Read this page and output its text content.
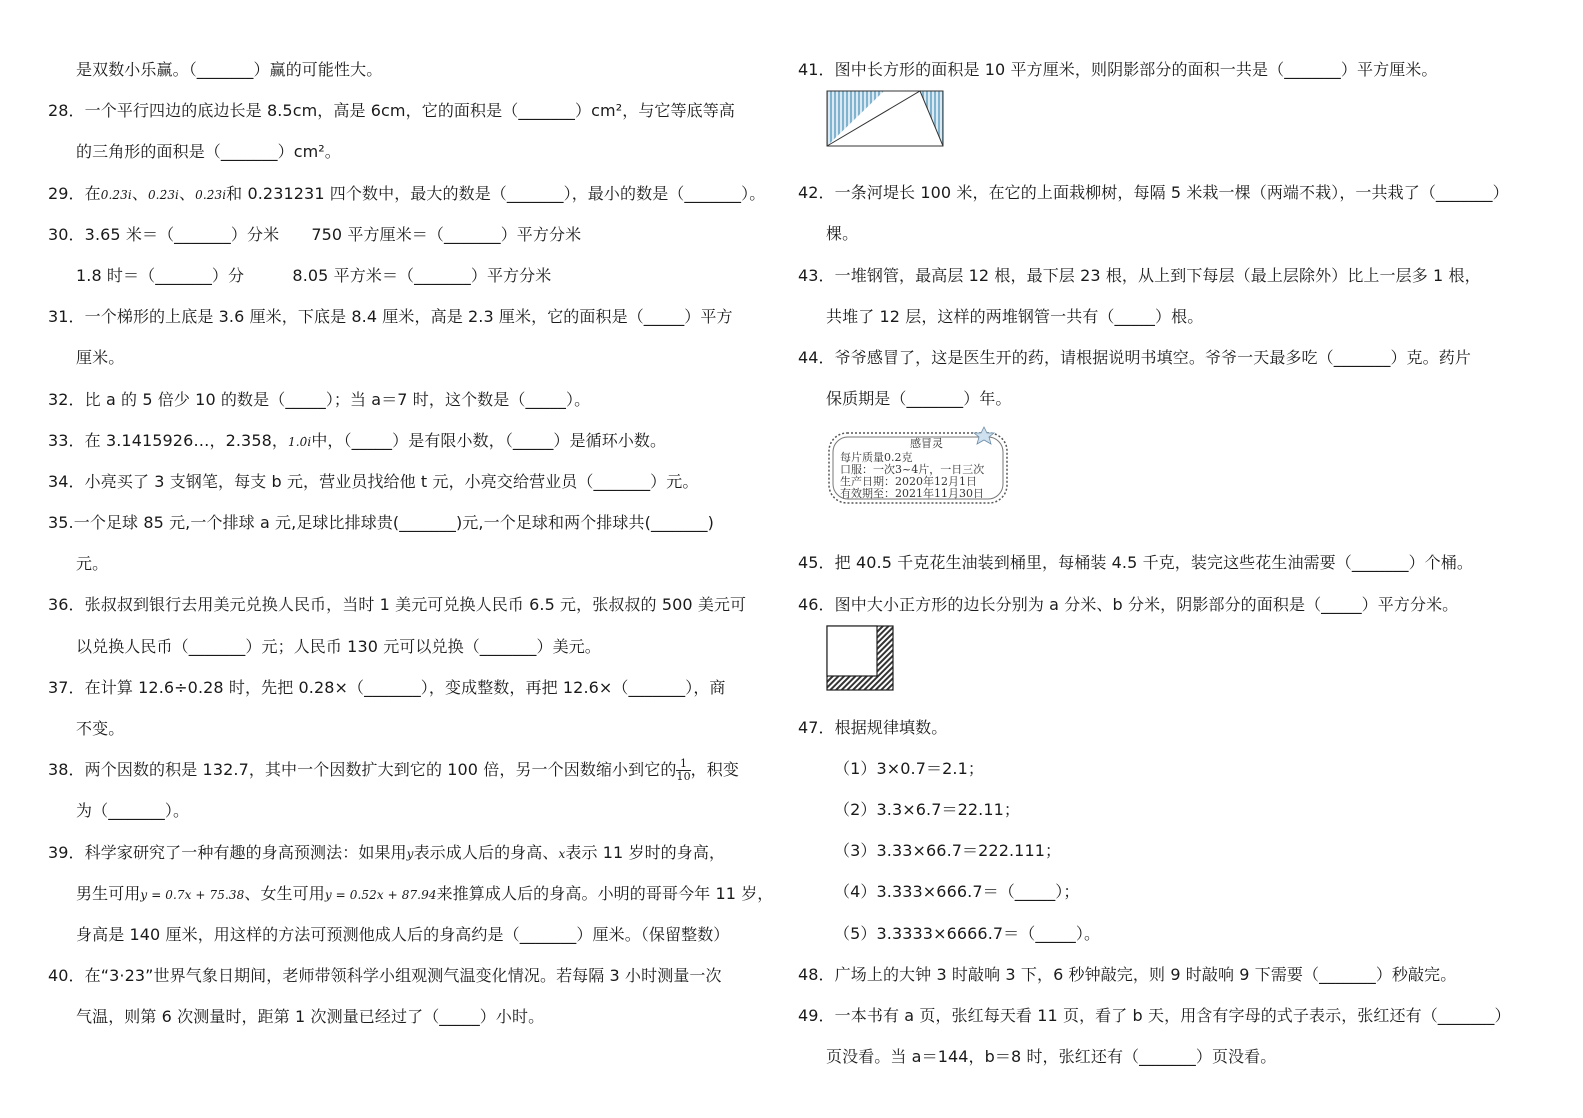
是双数小乐赢。（_______）赢的可能性大。
28．一个平行四边的底边长是 8.5cm，高是 6cm，它的面积是（_______）cm²，与它等底等高
的三角形的面积是（_______）cm²。
29．在0.23i、0.2̇3i、0.2̇3i和 0.231231 四个数中，最大的数是（_______），最小的数是（_______）。
30．3.65 米＝（_______）分米　　750 平方厘米＝（_______）平方分米
1.8 时＝（_______）分　　　8.05 平方米＝（_______）平方分米
31．一个梯形的上底是 3.6 厘米，下底是 8.4 厘米，高是 2.3 厘米，它的面积是（_____）平方
厘米。
32．比 a 的 5 倍少 10 的数是（_____）；当 a＝7 时，这个数是（_____）。
33．在 3.1415926…，2.358，1.0̇i中，（_____）是有限小数，（_____）是循环小数。
34．小亮买了 3 支钢笔，每支 b 元，营业员找给他 t 元，小亮交给营业员（_______）元。
35.一个足球 85 元,一个排球 a 元,足球比排球贵(_______)元,一个足球和两个排球共(_______)
元。
36．张叔叔到银行去用美元兑换人民币，当时 1 美元可兑换人民币 6.5 元，张叔叔的 500 美元可
以兑换人民币（_______）元；人民币 130 元可以兑换（_______）美元。
37．在计算 12.6÷0.28 时，先把 0.28×（_______），变成整数，再把 12.6×（_______），商
不变。
38．两个因数的积是 132.7，其中一个因数扩大到它的 100 倍，另一个因数缩小到它的 $\frac{1}{10}$ ，积变
为（_______）。
39．科学家研究了一种有趣的身高预测法：如果用y表示成人后的身高、x表示 11 岁时的身高，
男生可用y = 0.7x + 75.38、女生可用y = 0.52x + 87.94来推算成人后的身高。小明的哥哥今年 11 岁，
身高是 140 厘米，用这样的方法可预测他成人后的身高约是（_______）厘米。（保留整数）
40．在“3·23”世界气象日期间，老师带领科学小组观测气温变化情况。若每隔 3 小时测量一次
气温，则第 6 次测量时，距第 1 次测量已经过了（_____）小时。
41．图中长方形的面积是 10 平方厘米，则阴影部分的面积一共是（_______）平方厘米。
42．一条河堤长 100 米，在它的上面栽柳树，每隔 5 米栽一棵（两端不栽），一共栽了（_______）
棵。
43．一堆钢管，最高层 12 根，最下层 23 根，从上到下每层（最上层除外）比上一层多 1 根，
共堆了 12 层，这样的两堆钢管一共有（_____）根。
44．爷爷感冒了，这是医生开的药，请根据说明书填空。爷爷一天最多吃（_______）克。药片
保质期是（_______）年。
感冒灵
每片质量0.2克
口服：一次3~4片，一日三次
生产日期：2020年12月1日
有效期至：2021年11月30日
45．把 40.5 千克花生油装到桶里，每桶装 4.5 千克，装完这些花生油需要（_______）个桶。
46．图中大小正方形的边长分别为 a 分米、b 分米，阴影部分的面积是（_____）平方分米。
47．根据规律填数。
（1）3×0.7＝2.1；
（2）3.3×6.7＝22.11；
（3）3.33×66.7＝222.111；
（4）3.333×666.7＝（_____）；
（5）3.3333×6666.7＝（_____）。
48．广场上的大钟 3 时敲响 3 下，6 秒钟敲完，则 9 时敲响 9 下需要（_______）秒敲完。
49．一本书有 a 页，张红每天看 11 页，看了 b 天，用含有字母的式子表示，张红还有（_______）
页没看。当 a＝144，b＝8 时，张红还有（_______）页没看。
